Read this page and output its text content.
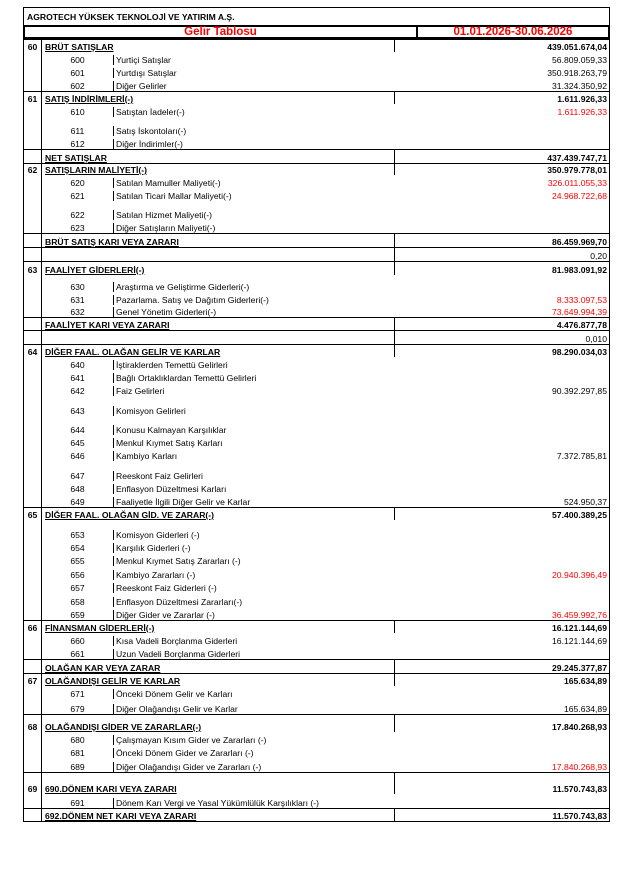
AGROTECH YÜKSEK TEKNOLOJİ VE YATIRIM A.Ş.
Gelir Tablosu	01.01.2026-30.06.2026
60 BRÜT SATIŞLAR	439.051.674,04
600	Yurtiçi Satışlar	56.809.059,33
601	Yurtdışı Satışlar	350.918.263,79
602	Diğer Gelirler	31.324.350,92
61 SATIŞ İNDİRİMLERİ(-)	1.611.926,33
610	Satıştan İadeler(-)	1.611.926,33
611	Satış İskontoları(-)
612	Diğer İndirimler(-)
NET SATIŞLAR	437.439.747,71
62 SATIŞLARIN MALİYETİ(-)	350.979.778,01
620	Satılan Mamuller Maliyeti(-)	326.011.055,33
621	Satılan Ticari Mallar Maliyeti(-)	24.968.722,68
622	Satılan Hizmet Maliyeti(-)
623	Diğer Satışların Maliyeti(-)
BRÜT SATIŞ KARI VEYA ZARARI	86.459.969,70
0,20
63 FAALİYET GİDERLERİ(-)	81.983.091,92
630	Araştırma ve Geliştirme Giderleri(-)
631	Pazarlama. Satış ve Dağıtım Giderleri(-)	8.333.097,53
632	Genel Yönetim Giderleri(-)	73.649.994,39
FAALİYET KARI VEYA ZARARI	4.476.877,78
0,010
64 DİĞER FAAL. OLAĞAN GELİR VE KARLAR	98.290.034,03
640	İştiraklerden Temettü Gelirleri
641	Bağlı Ortaklıklardan Temettü Gelirleri
642	Faiz Gelirleri	90.392.297,85
643	Komisyon Gelirleri
644	Konusu Kalmayan Karşılıklar
645	Menkul Kıymet Satış Karları
646	Kambiyo Karları	7.372.785,81
647	Reeskont Faiz Gelirleri
648	Enflasyon Düzeltmesi Karları
649	Faaliyetle İlgili Diğer Gelir ve Karlar	524.950,37
65 DİĞER FAAL. OLAĞAN GİD. VE ZARAR(-)	57.400.389,25
653	Komisyon Giderleri (-)
654	Karşılık Giderleri (-)
655	Menkul Kıymet Satış Zararları (-)
656	Kambiyo Zararları (-)	20.940.396,49
657	Reeskont Faiz Giderleri (-)
658	Enflasyon Düzeltmesi Zararları(-)
659	Diğer Gider ve Zararlar (-)	36.459.992,76
66 FİNANSMAN GİDERLERİ(-)	16.121.144,69
660	Kısa Vadeli Borçlanma Giderleri	16.121.144,69
661	Uzun Vadeli Borçlanma Giderleri
OLAĞAN KAR VEYA ZARAR	29.245.377,87
67 OLAĞANDIŞI GELİR VE KARLAR	165.634,89
671	Önceki Dönem Gelir ve Karları
679	Diğer Olağandışı Gelir ve Karlar	165.634,89
68 OLAĞANDIŞI GİDER VE ZARARLAR(-)	17.840.268,93
680	Çalışmayan Kısım Gider ve Zararları (-)
681	Önceki Dönem Gider ve Zararları (-)
689	Diğer Olağandışı Gider ve Zararları (-)	17.840.268,93
69 690.DÖNEM KARI VEYA ZARARI	11.570.743,83
691	Dönem Karı Vergi ve Yasal Yükümlülük Karşılıkları (-)
692.DÖNEM NET KARI VEYA ZARARI	11.570.743,83
